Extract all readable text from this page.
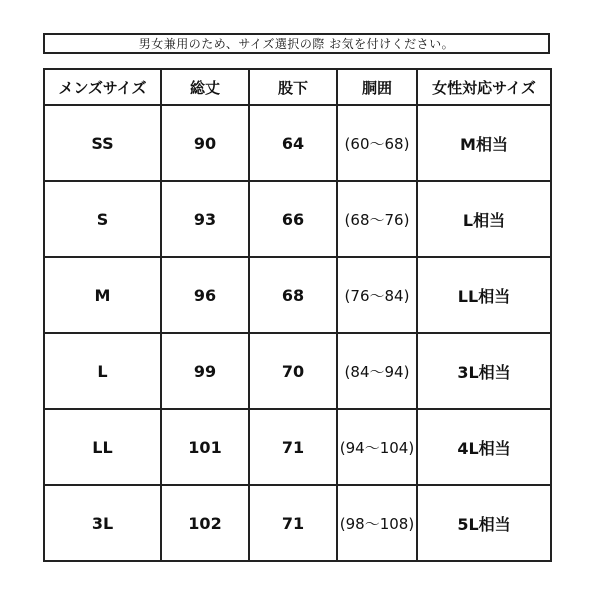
男女兼用のため、サイズ選択の際 お気を付けください。
メンズサイズ	総丈	股下	胴囲	女性対応サイズ
SS	90	64	(60〜68)	M相当
S	93	66	(68〜76)	L相当
M	96	68	(76〜84)	LL相当
L	99	70	(84〜94)	3L相当
LL	101	71	(94〜104)	4L相当
3L	102	71	(98〜108)	5L相当
